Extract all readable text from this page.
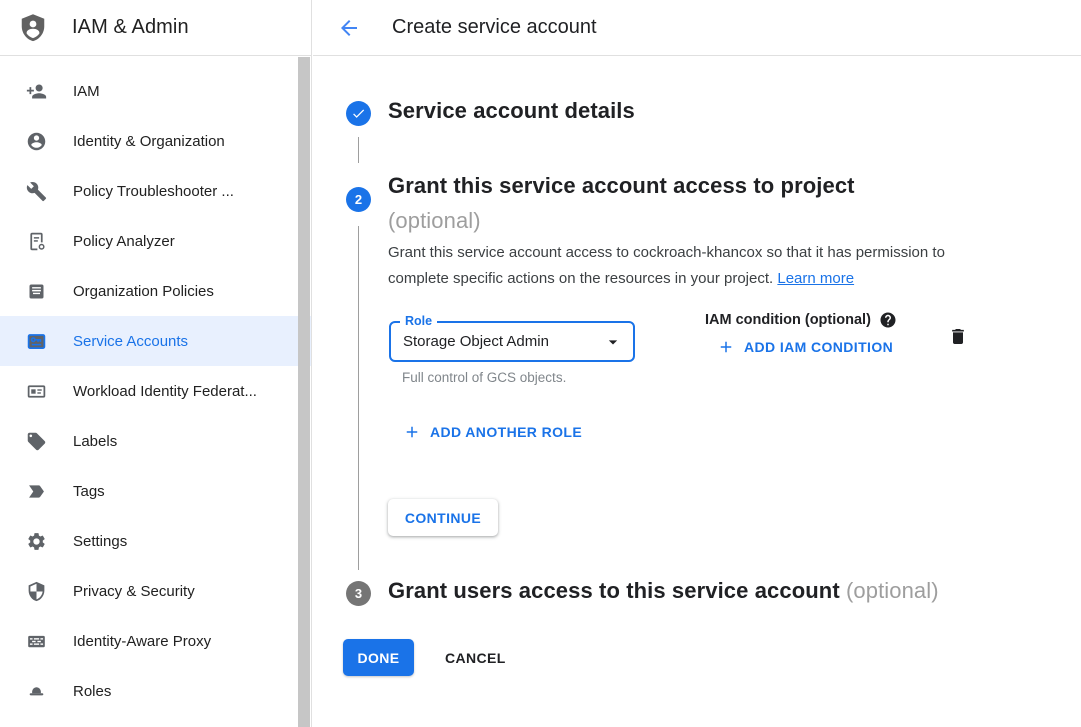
IAM & Admin
IAM
Identity & Organization
Policy Troubleshooter ...
Policy Analyzer
Organization Policies
Service Accounts
Workload Identity Federat...
Labels
Tags
Settings
Privacy & Security
Identity-Aware Proxy
Roles
Create service account
Service account details
2
Grant this service account access to project
(optional)

Grant this service account access to cockroach-khancox so that it has permission to complete specific actions on the resources in your project. Learn more

Role
Storage Object Admin
Full control of GCS objects.
IAM condition (optional)
ADD IAM CONDITION
ADD ANOTHER ROLE
CONTINUE
3 Grant users access to this service account (optional)
DONE	CANCEL
